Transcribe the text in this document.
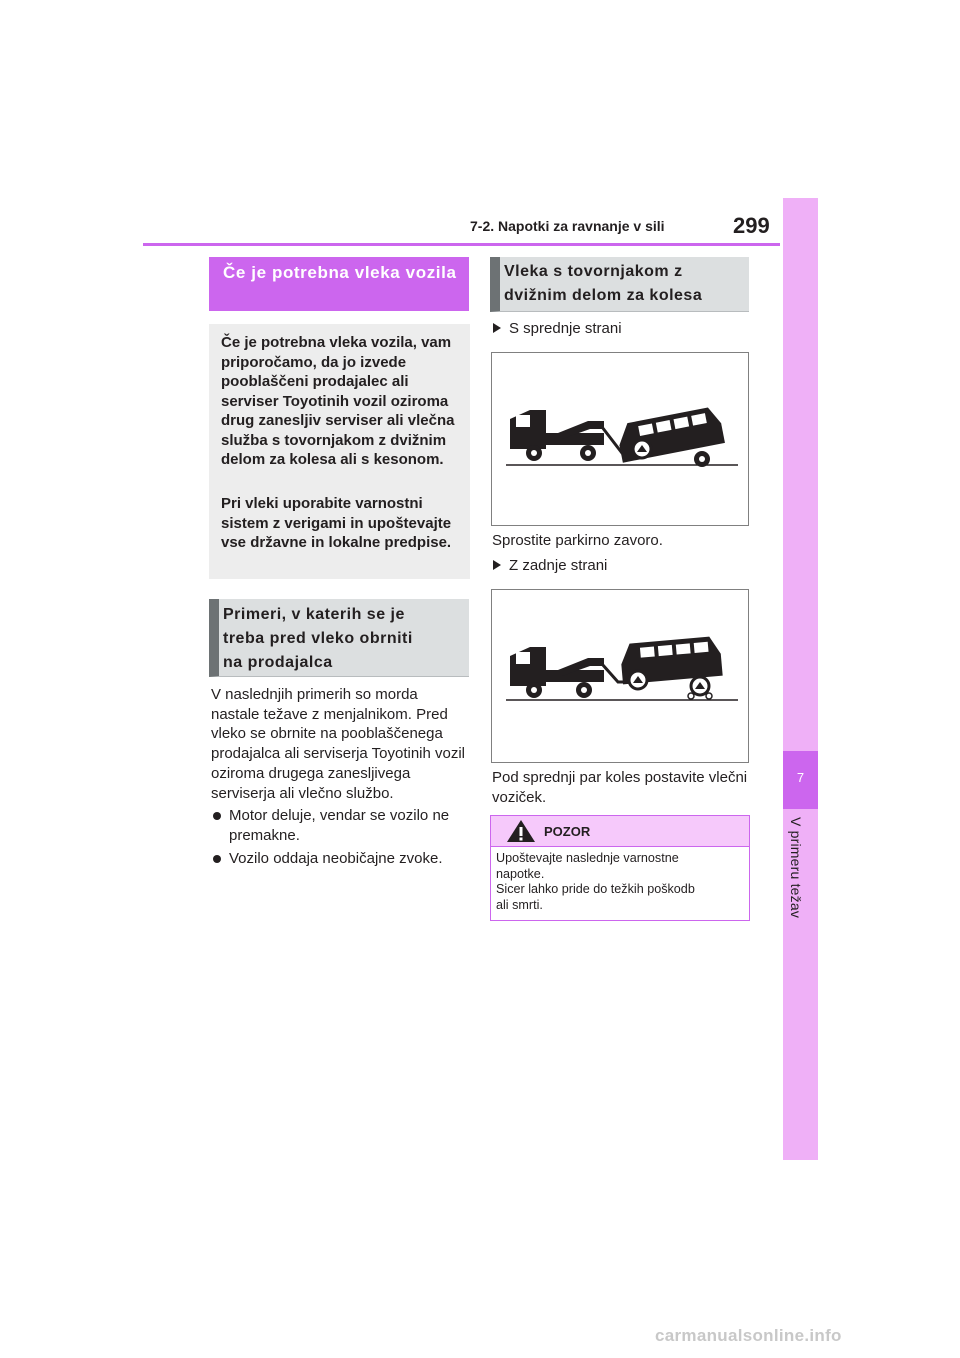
7-2. Napotki za ravnanje v sili	299
7
V primeru težav
Če je potrebna vleka vozila
Če je potrebna vleka vozila, vam priporočamo, da jo izvede pooblaščeni prodajalec ali serviser Toyotinih vozil oziroma drug zanesljiv serviser ali vlečna služba s tovornjakom z dvižnim delom za kolesa ali s kesonom.
Pri vleki uporabite varnostni sistem z verigami in upoštevajte vse državne in lokalne predpise.
Primeri, v katerih se je
treba pred vleko obrniti
na prodajalca
V naslednjih primerih so morda nastale težave z menjalnikom. Pred vleko se obrnite na pooblaščenega prodajalca ali serviserja Toyotinih vozil oziroma drugega zanesljivega serviserja ali vlečno službo.
Motor deluje, vendar se vozilo ne premakne.
Vozilo oddaja neobičajne zvoke.
Vleka s tovornjakom z
dvižnim delom za kolesa
S sprednje strani
Sprostite parkirno zavoro.
Z zadnje strani
Pod sprednji par koles postavite vlečni voziček.
POZOR
Upoštevajte naslednje varnostne
napotke.
Sicer lahko pride do težkih poškodb
ali smrti.
carmanualsonline.info
